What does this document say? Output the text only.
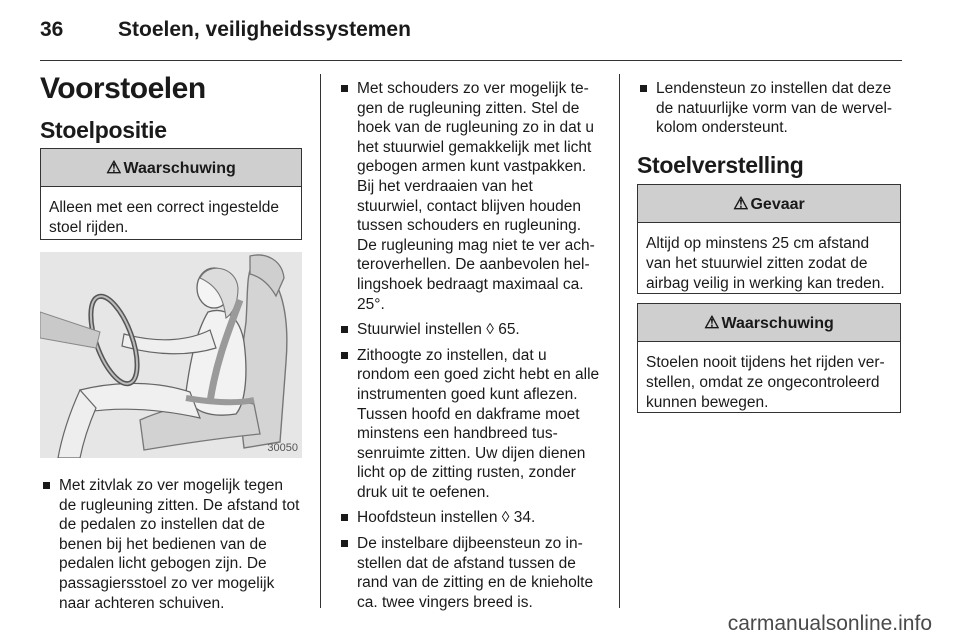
36	Stoelen, veiligheidssystemen
Voorstoelen
Stoelpositie
⚠ Waarschuwing
Alleen met een correct ingestelde stoel rijden.
30050
Met zitvlak zo ver mogelijk tegen de rugleuning zitten. De afstand tot de pedalen zo instellen dat de benen bij het bedienen van de pedalen licht gebogen zijn. De passagiersstoel zo ver mogelijk naar achteren schuiven.
Met schouders zo ver mogelijk tegen de rugleuning zitten. Stel de hoek van de rugleuning zo in dat u het stuurwiel gemakkelijk met licht gebogen armen kunt vastpakken. Bij het verdraaien van het stuurwiel, contact blijven houden tussen schouders en rugleuning. De rugleuning mag niet te ver achteroverhellen. De aanbevolen hellingshoek bedraagt maximaal ca. 25°.
Stuurwiel instellen ◊ 65.
Zithoogte zo instellen, dat u rondom een goed zicht hebt en alle instrumenten goed kunt aflezen. Tussen hoofd en dakframe moet minstens een handbreed tussenruimte zitten. Uw dijen dienen licht op de zitting rusten, zonder druk uit te oefenen.
Hoofdsteun instellen ◊ 34.
De instelbare dijbeensteun zo instellen dat de afstand tussen de rand van de zitting en de knieholte ca. twee vingers breed is.
Lendensteun zo instellen dat deze de natuurlijke vorm van de wervelkolom ondersteunt.
Stoelverstelling
⚠ Gevaar
Altijd op minstens 25 cm afstand van het stuurwiel zitten zodat de airbag veilig in werking kan treden.
⚠ Waarschuwing
Stoelen nooit tijdens het rijden verstellen, omdat ze ongecontroleerd kunnen bewegen.
carmanualsonline.info
